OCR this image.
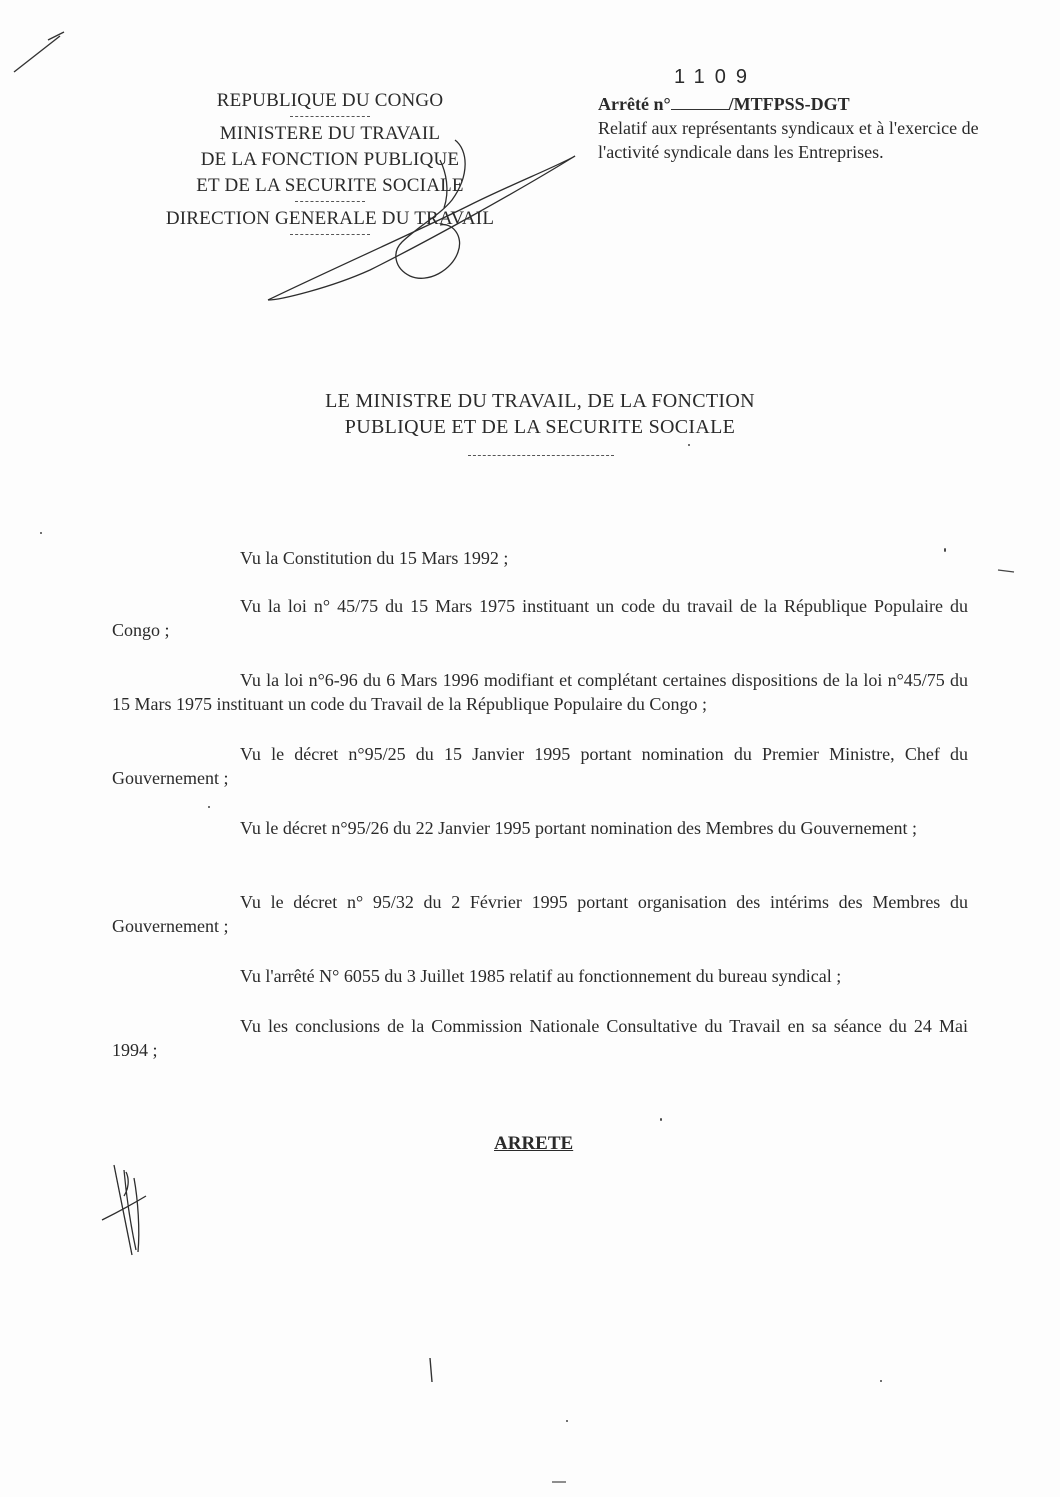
REPUBLIQUE DU CONGO
MINISTERE DU TRAVAIL
DE LA FONCTION PUBLIQUE
ET DE LA SECURITE SOCIALE
DIRECTION GENERALE DU TRAVAIL
1109
Arrêté n°	/MTFPSS-DGT
Relatif aux représentants syndicaux et à l'exercice de l'activité syndicale dans les Entreprises.
LE MINISTRE DU TRAVAIL, DE LA FONCTION
PUBLIQUE ET DE LA SECURITE SOCIALE

Vu la Constitution du 15 Mars 1992 ;

Vu la loi n° 45/75 du 15 Mars 1975 instituant un code du travail de la République Populaire du Congo ;

Vu la loi n°6-96 du 6 Mars 1996 modifiant et complétant certaines dispositions de la loi n°45/75 du 15 Mars 1975 instituant un code du Travail de la République Populaire du Congo ;

Vu le décret n°95/25 du 15 Janvier 1995 portant nomination du Premier Ministre, Chef du Gouvernement ;

Vu le décret n°95/26 du 22 Janvier 1995 portant nomination des Membres du Gouvernement ;

Vu le décret n° 95/32 du 2 Février 1995 portant organisation des intérims des Membres du Gouvernement ;

Vu l'arrêté N° 6055 du 3 Juillet 1985 relatif au fonctionnement du bureau syndical ;

Vu les conclusions de la Commission Nationale Consultative du Travail en sa séance du 24 Mai 1994 ;

ARRETE
